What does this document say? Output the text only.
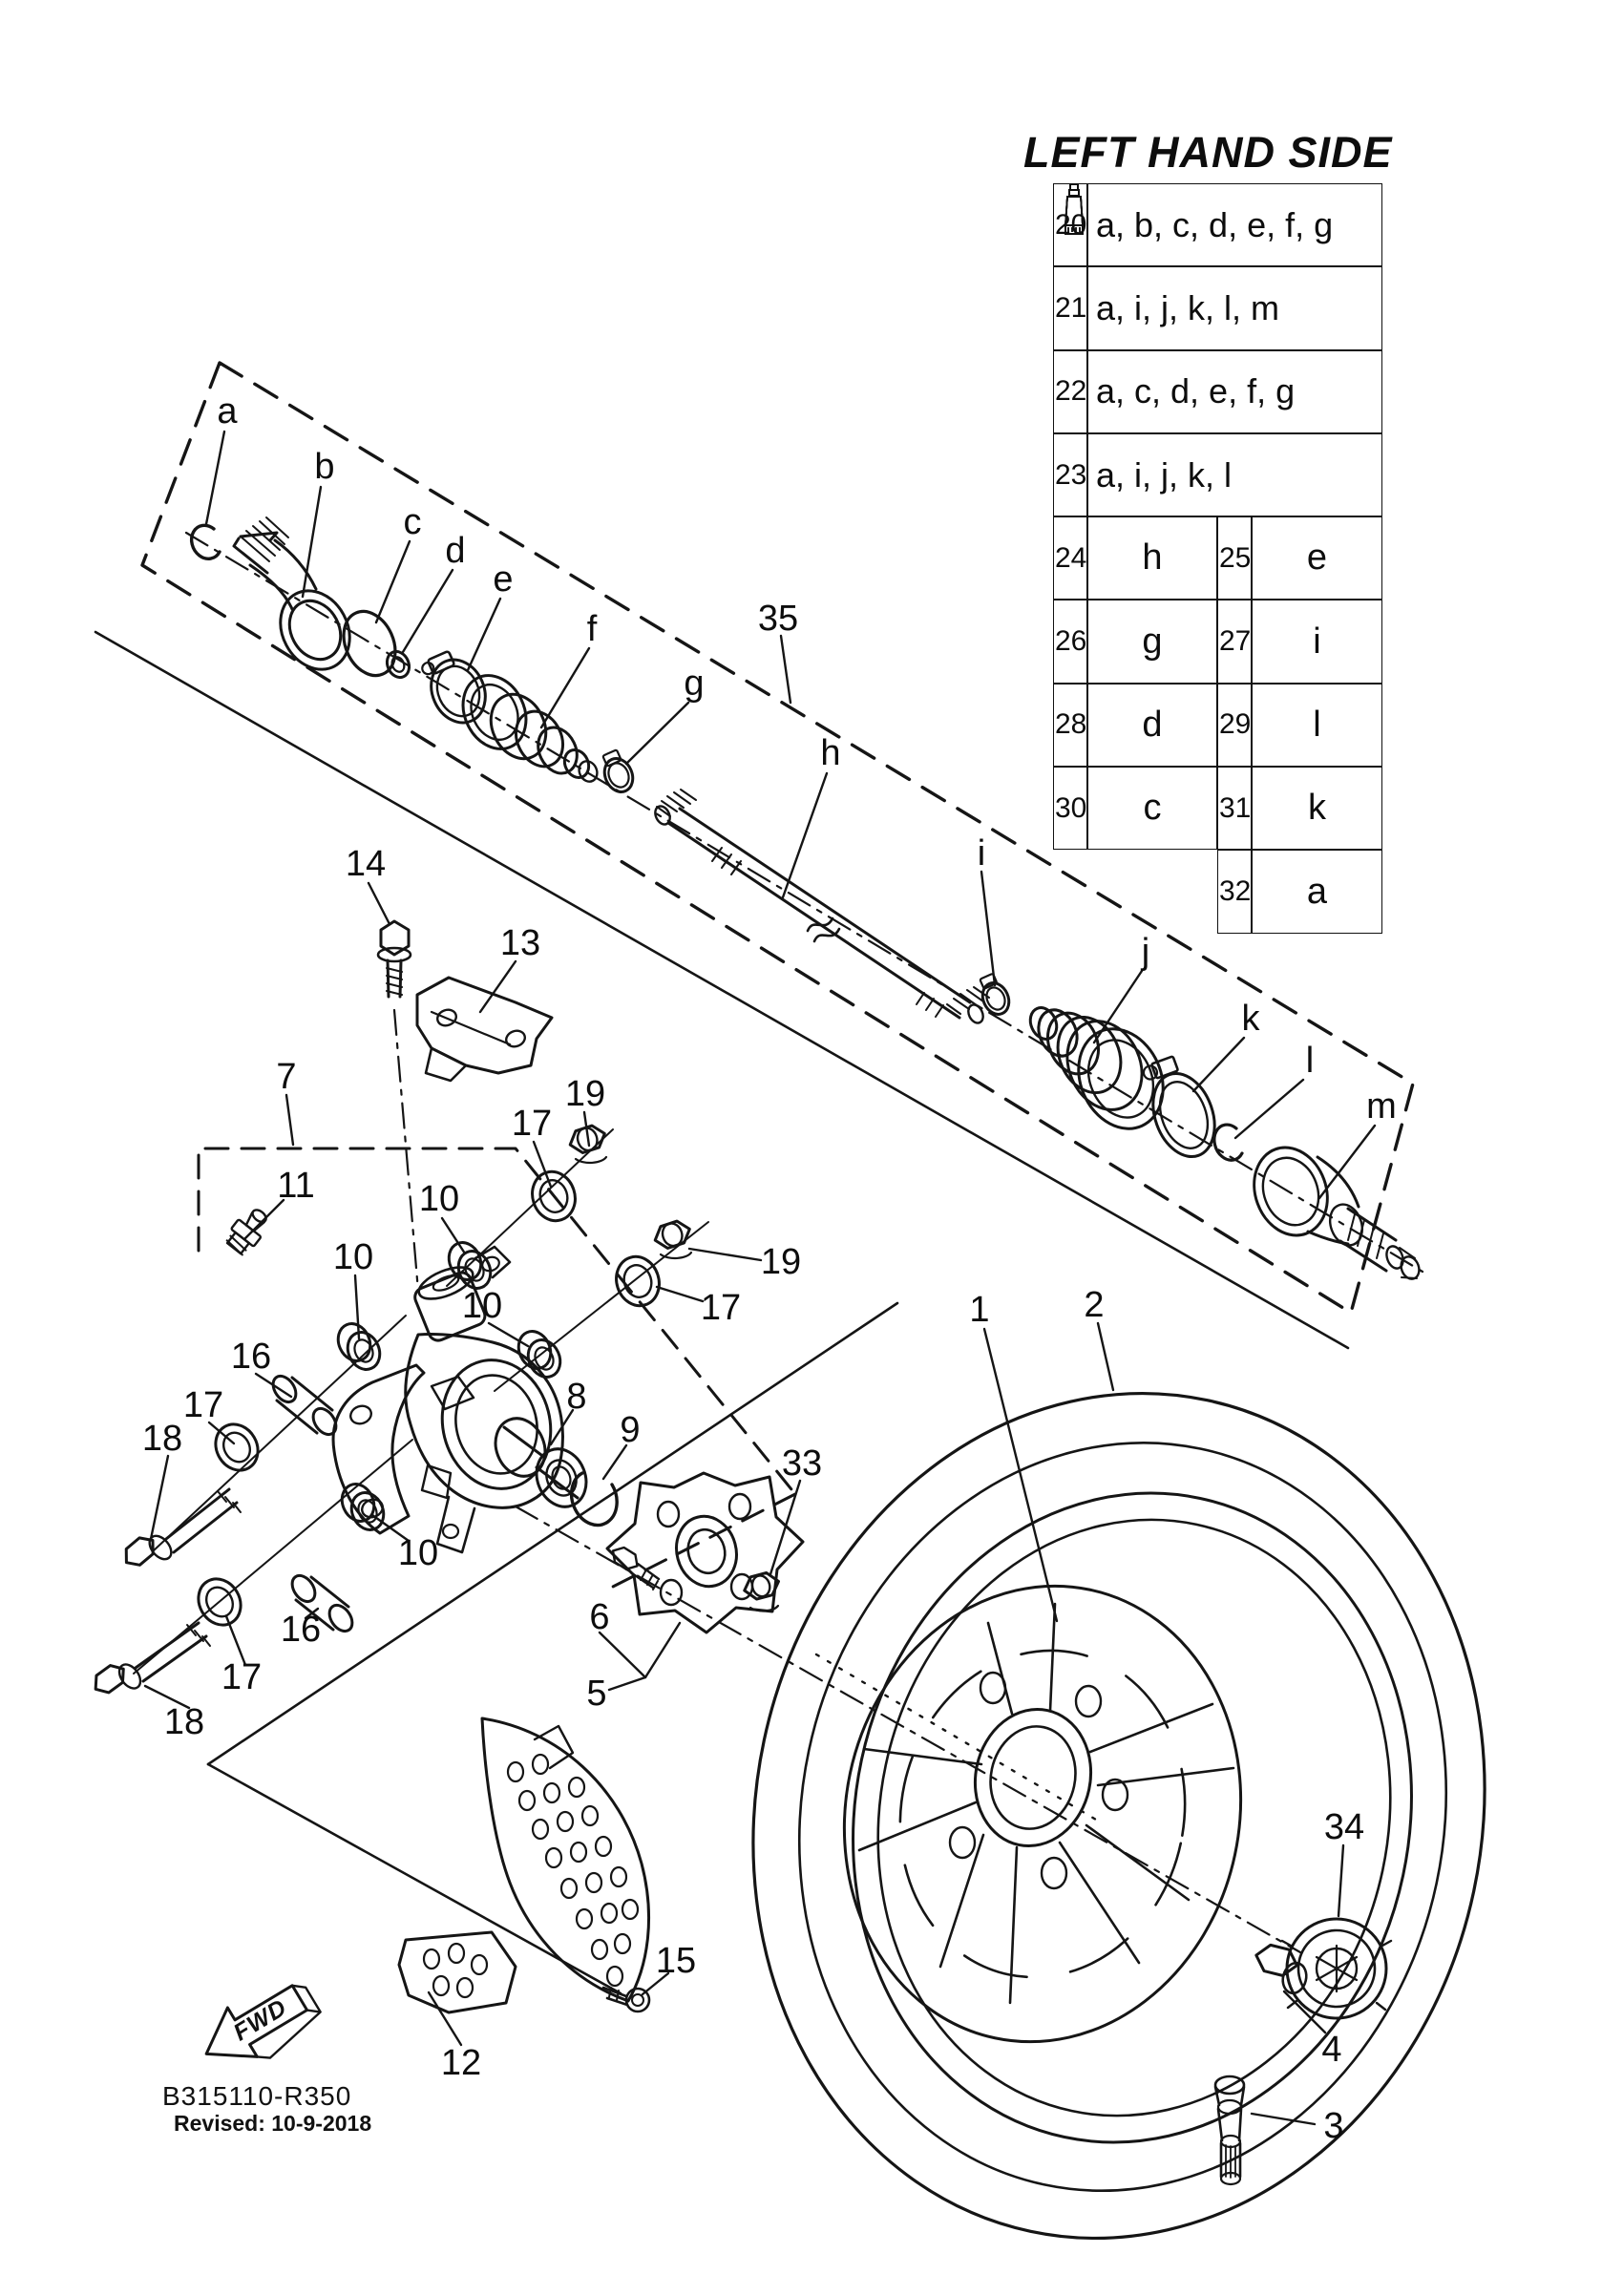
LEFT HAND SIDE
20 a, b, c, d, e, f, g
21 a, i, j, k, l, m
22 a, c, d, e, f, g
23 a, i, j, k, l
24	h	25	e
26	g	27	i
28	d	29	l
30	c	31	k
32	a
35
a
b
c
d
e
f
g
h
i
j
k
l
m
14
13
7
11	10
10
10
10
19
17
19
17
16
17
18
16
17
18
8
9
6
5
33
1	2
34
4
3
15
12
FWD
B315110-R350
Revised: 10-9-2018
